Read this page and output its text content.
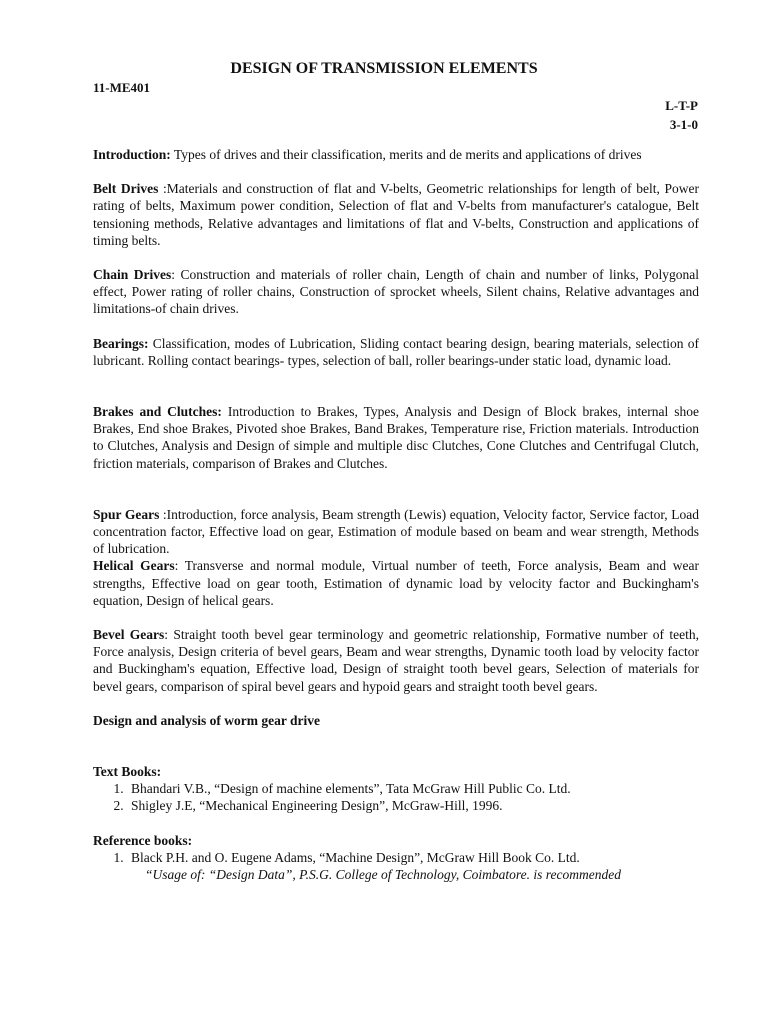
DESIGN OF TRANSMISSION ELEMENTS
11-ME401
L-T-P
3-1-0

Introduction: Types of drives and their classification, merits and de merits and applications of drives

Belt Drives :Materials and construction of flat and V-belts, Geometric relationships for length of belt, Power rating of belts, Maximum power condition, Selection of flat and V-belts from manufacturer's catalogue, Belt tensioning methods, Relative advantages and limitations of flat and V-belts, Construction and applications of timing belts.

Chain Drives: Construction and materials of roller chain, Length of chain and number of links, Polygonal effect, Power rating of roller chains, Construction of sprocket wheels, Silent chains, Relative advantages and limitations-of chain drives.

Bearings: Classification, modes of Lubrication, Sliding contact bearing design, bearing materials, selection of lubricant. Rolling contact bearings- types, selection of ball, roller bearings-under static load, dynamic load.

Brakes and Clutches: Introduction to Brakes, Types, Analysis and Design of Block brakes, internal shoe Brakes, End shoe Brakes, Pivoted shoe Brakes, Band Brakes, Temperature rise, Friction materials. Introduction to Clutches, Analysis and Design of simple and multiple disc Clutches, Cone Clutches and Centrifugal Clutch, friction materials, comparison of Brakes and Clutches.

Spur Gears :Introduction, force analysis, Beam strength (Lewis) equation, Velocity factor, Service factor, Load concentration factor, Effective load on gear, Estimation of module based on beam and wear strength, Methods of lubrication.

Helical Gears: Transverse and normal module, Virtual number of teeth, Force analysis, Beam and wear strengths, Effective load on gear tooth, Estimation of dynamic load by velocity factor and Buckingham's equation, Design of helical gears.

Bevel Gears: Straight tooth bevel gear terminology and geometric relationship, Formative number of teeth, Force analysis, Design criteria of bevel gears, Beam and wear strengths, Dynamic tooth load by velocity factor and Buckingham's equation, Effective load, Design of straight tooth bevel gears, Selection of materials for bevel gears, comparison of spiral bevel gears and hypoid gears and straight tooth bevel gears.

Design and analysis of worm gear drive

Text Books:

1. Bhandari V.B., “Design of machine elements”, Tata McGraw Hill Public Co. Ltd.
2. Shigley J.E, “Mechanical Engineering Design”, McGraw-Hill, 1996.

Reference books:

1. Black P.H. and O. Eugene Adams, “Machine Design”, McGraw Hill Book Co. Ltd.

“Usage of: “Design Data”, P.S.G. College of Technology, Coimbatore. is recommended
